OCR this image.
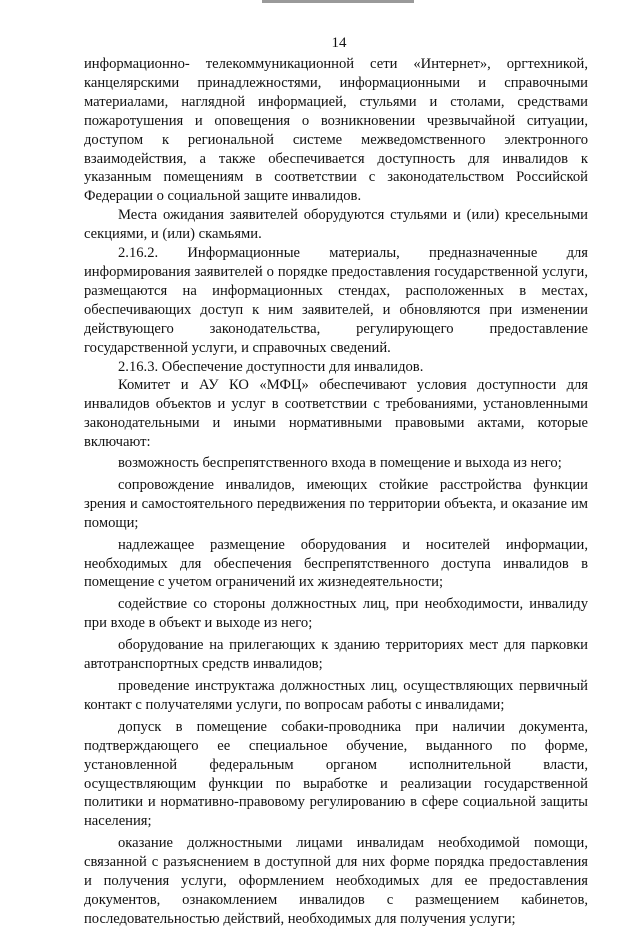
14

информационно- телекоммуникационной сети «Интернет», оргтехникой, канцелярскими принадлежностями, информационными и справочными материалами, наглядной информацией, стульями и столами, средствами пожаротушения и оповещения о возникновении чрезвычайной ситуации, доступом к региональной системе межведомственного электронного взаимодействия, а также обеспечивается доступность для инвалидов к указанным помещениям в соответствии с законодательством Российской Федерации о социальной защите инвалидов.

Места ожидания заявителей оборудуются стульями и (или) кресельными секциями, и (или) скамьями.

2.16.2. Информационные материалы, предназначенные для информирования заявителей о порядке предоставления государственной услуги, размещаются на информационных стендах, расположенных в местах, обеспечивающих доступ к ним заявителей, и обновляются при изменении действующего законодательства, регулирующего предоставление государственной услуги, и справочных сведений.

2.16.3. Обеспечение доступности для инвалидов.

Комитет и АУ КО «МФЦ» обеспечивают условия доступности для инвалидов объектов и услуг в соответствии с требованиями, установленными законодательными и иными нормативными правовыми актами, которые включают:

возможность беспрепятственного входа в помещение и выхода из него;

сопровождение инвалидов, имеющих стойкие расстройства функции зрения и самостоятельного передвижения по территории объекта, и оказание им помощи;

надлежащее размещение оборудования и носителей информации, необходимых для обеспечения беспрепятственного доступа инвалидов в помещение с учетом ограничений их жизнедеятельности;

содействие со стороны должностных лиц, при необходимости, инвалиду при входе в объект и выходе из него;

оборудование на прилегающих к зданию территориях мест для парковки автотранспортных средств инвалидов;

проведение инструктажа должностных лиц, осуществляющих первичный контакт с получателями услуги, по вопросам работы с инвалидами;

допуск в помещение собаки-проводника при наличии документа, подтверждающего ее специальное обучение, выданного по форме, установленной федеральным органом исполнительной власти, осуществляющим функции по выработке и реализации государственной политики и нормативно-правовому регулированию в сфере социальной защиты населения;

оказание должностными лицами инвалидам необходимой помощи, связанной с разъяснением в доступной для них форме порядка предоставления и получения услуги, оформлением необходимых для ее предоставления документов, ознакомлением инвалидов с размещением кабинетов, последовательностью действий, необходимых для получения услуги;
